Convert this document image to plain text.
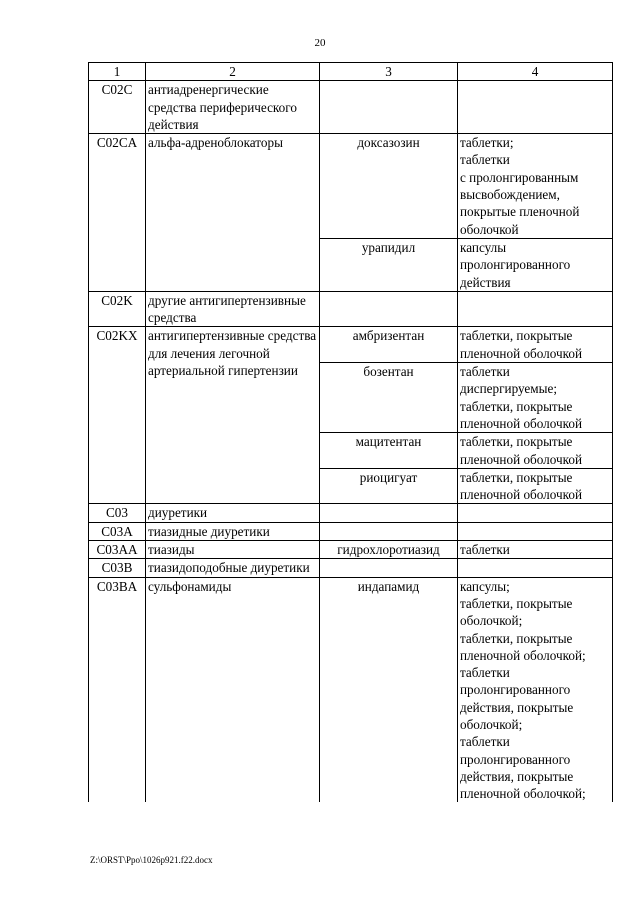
20
1	2	3	4
C02C	антиадренергические средства периферического действия		
C02CA	альфа-адреноблокаторы	доксазозин	таблетки;
таблетки
с пролонгированным высвобождением, покрытые пленочной оболочкой
		урапидил	капсулы пролонгированного действия
C02K	другие антигипертензивные средства		
C02KX	антигипертензивные средства для лечения легочной артериальной гипертензии	амбризентан	таблетки, покрытые пленочной оболочкой
		бозентан	таблетки диспергируемые;
таблетки, покрытые пленочной оболочкой
		мацитентан	таблетки, покрытые пленочной оболочкой
		риоцигуат	таблетки, покрытые пленочной оболочкой
C03	диуретики		
C03A	тиазидные диуретики		
C03AA	тиазиды	гидрохлоротиазид	таблетки
C03B	тиазидоподобные диуретики		
C03BA	сульфонамиды	индапамид	капсулы;
таблетки, покрытые оболочкой;
таблетки, покрытые пленочной оболочкой;
таблетки пролонгированного действия, покрытые оболочкой;
таблетки пролонгированного действия, покрытые пленочной оболочкой;
Z:\ORST\Ppo\1026p921.f22.docx
